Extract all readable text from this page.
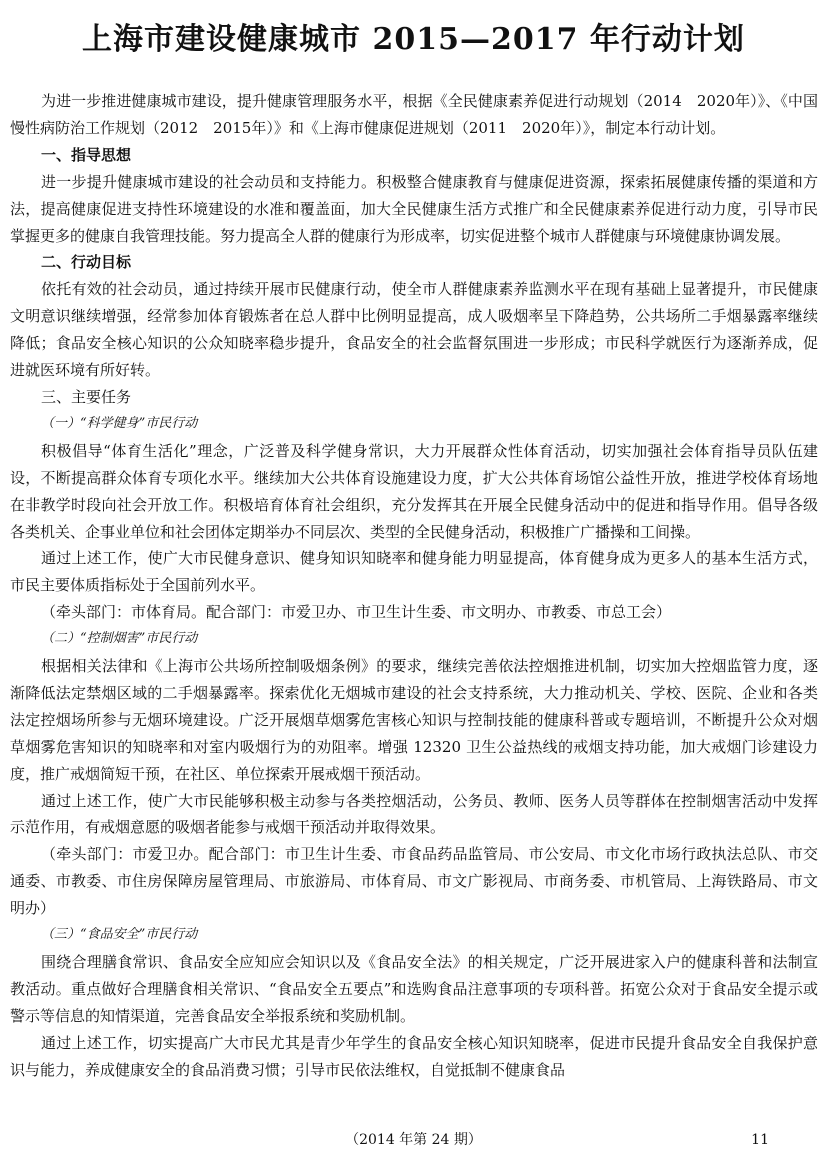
上海市建设健康城市 2015—2017 年行动计划

为进一步推进健康城市建设，提升健康管理服务水平，根据《全民健康素养促进行动规划（2014　2020年）》、《中国慢性病防治工作规划（2012　2015年）》和《上海市健康促进规划（2011　2020年）》，制定本行动计划。

一、指导思想

进一步提升健康城市建设的社会动员和支持能力。积极整合健康教育与健康促进资源，探索拓展健康传播的渠道和方法，提高健康促进支持性环境建设的水准和覆盖面，加大全民健康生活方式推广和全民健康素养促进行动力度，引导市民掌握更多的健康自我管理技能。努力提高全人群的健康行为形成率，切实促进整个城市人群健康与环境健康协调发展。

二、行动目标

依托有效的社会动员，通过持续开展市民健康行动，使全市人群健康素养监测水平在现有基础上显著提升，市民健康文明意识继续增强，经常参加体育锻炼者在总人群中比例明显提高，成人吸烟率呈下降趋势，公共场所二手烟暴露率继续降低；食品安全核心知识的公众知晓率稳步提升，食品安全的社会监督氛围进一步形成；市民科学就医行为逐渐养成，促进就医环境有所好转。

三、主要任务

（一）“科学健身”市民行动

积极倡导“体育生活化”理念，广泛普及科学健身常识，大力开展群众性体育活动，切实加强社会体育指导员队伍建设，不断提高群众体育专项化水平。继续加大公共体育设施建设力度，扩大公共体育场馆公益性开放，推进学校体育场地在非教学时段向社会开放工作。积极培育体育社会组织，充分发挥其在开展全民健身活动中的促进和指导作用。倡导各级各类机关、企事业单位和社会团体定期举办不同层次、类型的全民健身活动，积极推广广播操和工间操。

通过上述工作，使广大市民健身意识、健身知识知晓率和健身能力明显提高，体育健身成为更多人的基本生活方式，市民主要体质指标处于全国前列水平。

（牵头部门：市体育局。配合部门：市爱卫办、市卫生计生委、市文明办、市教委、市总工会）

（二）“控制烟害”市民行动

根据相关法律和《上海市公共场所控制吸烟条例》的要求，继续完善依法控烟推进机制，切实加大控烟监管力度，逐渐降低法定禁烟区域的二手烟暴露率。探索优化无烟城市建设的社会支持系统，大力推动机关、学校、医院、企业和各类法定控烟场所参与无烟环境建设。广泛开展烟草烟雾危害核心知识与控制技能的健康科普或专题培训，不断提升公众对烟草烟雾危害知识的知晓率和对室内吸烟行为的劝阻率。增强 12320 卫生公益热线的戒烟支持功能，加大戒烟门诊建设力度，推广戒烟简短干预，在社区、单位探索开展戒烟干预活动。

通过上述工作，使广大市民能够积极主动参与各类控烟活动，公务员、教师、医务人员等群体在控制烟害活动中发挥示范作用，有戒烟意愿的吸烟者能参与戒烟干预活动并取得效果。

（牵头部门：市爱卫办。配合部门：市卫生计生委、市食品药品监管局、市公安局、市文化市场行政执法总队、市交通委、市教委、市住房保障房屋管理局、市旅游局、市体育局、市文广影视局、市商务委、市机管局、上海铁路局、市文明办）

（三）“食品安全”市民行动

围绕合理膳食常识、食品安全应知应会知识以及《食品安全法》的相关规定，广泛开展进家入户的健康科普和法制宣教活动。重点做好合理膳食相关常识、“食品安全五要点”和选购食品注意事项的专项科普。拓宽公众对于食品安全提示或警示等信息的知情渠道，完善食品安全举报系统和奖励机制。

通过上述工作，切实提高广大市民尤其是青少年学生的食品安全核心知识知晓率，促进市民提升食品安全自我保护意识与能力，养成健康安全的食品消费习惯；引导市民依法维权，自觉抵制不健康食品

（2014 年第 24 期）	11
